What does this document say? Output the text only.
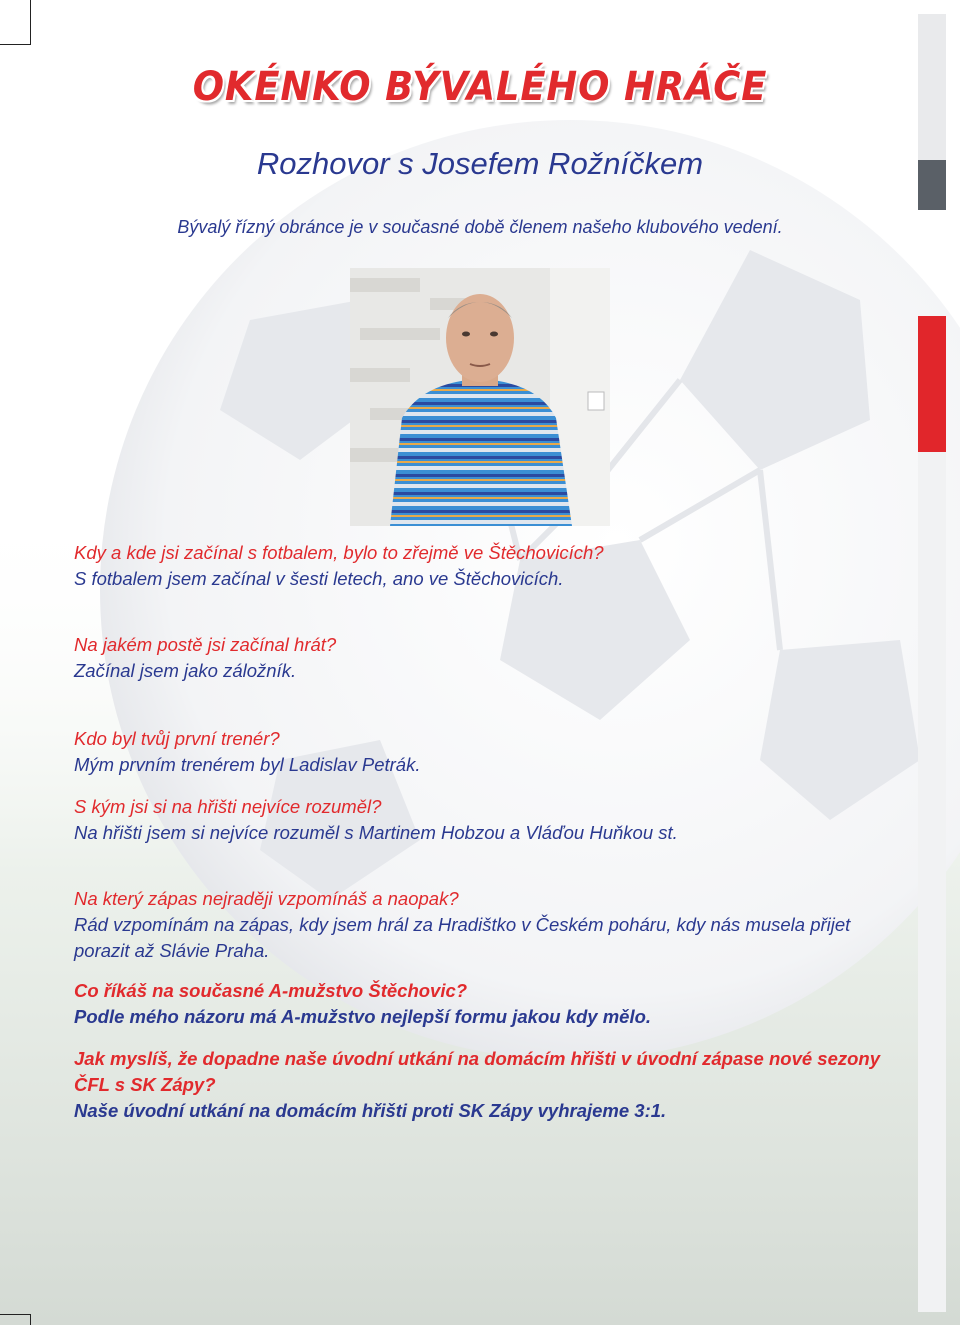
OKÉNKO BÝVALÉHO HRÁČE
Rozhovor s Josefem Rožníčkem
Bývalý řízný obránce je v současné době členem našeho klubového vedení.
Kdy a kde jsi začínal s fotbalem, bylo to zřejmě ve Štěchovicích?
S fotbalem jsem začínal v šesti letech, ano ve Štěchovicích.
Na jakém postě jsi začínal hrát?
Začínal jsem jako záložník.
Kdo byl tvůj první trenér?
Mým prvním trenérem byl Ladislav Petrák.
S kým jsi si na hřišti nejvíce rozuměl?
Na hřišti jsem si nejvíce rozuměl s Martinem Hobzou a Vláďou Huňkou st.
Na který zápas nejraději vzpomínáš a naopak?
Rád vzpomínám na zápas, kdy jsem hrál za Hradištko v Českém poháru, kdy nás musela přijet porazit až Slávie Praha.
Co říkáš na současné A-mužstvo Štěchovic?
Podle mého názoru má A-mužstvo nejlepší formu jakou kdy mělo.
Jak myslíš, že dopadne naše úvodní utkání na domácím hřišti v úvodní zápase nové sezony ČFL s SK Zápy?
Naše úvodní utkání na domácím hřišti proti SK Zápy vyhrajeme 3:1.
